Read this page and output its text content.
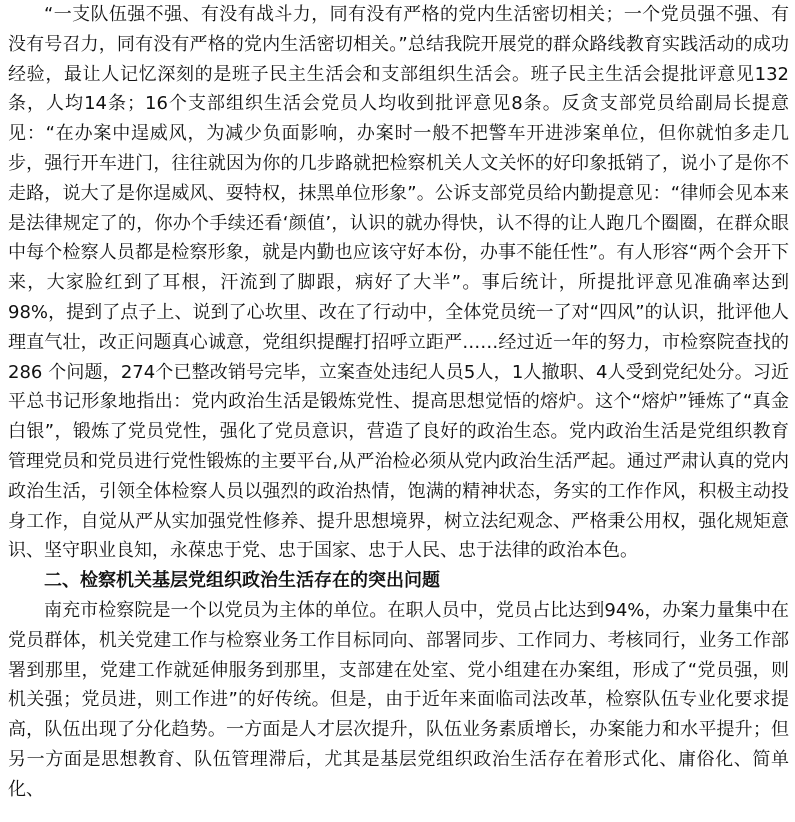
“一支队伍强不强、有没有战斗力，同有没有严格的党内生活密切相关；一个党员强不强、有没有号召力，同有没有严格的党内生活密切相关。”总结我院开展党的群众路线教育实践活动的成功经验，最让人记忆深刻的是班子民主生活会和支部组织生活会。班子民主生活会提批评意见132条，人均14条；16个支部组织生活会党员人均收到批评意见8条。反贪支部党员给副局长提意见：“在办案中逞威风，为减少负面影响，办案时一般不把警车开进涉案单位，但你就怕多走几步，强行开车进门，往往就因为你的几步路就把检察机关人文关怀的好印象抵销了，说小了是你不走路，说大了是你逞威风、耍特权，抹黑单位形象”。公诉支部党员给内勤提意见：“律师会见本来是法律规定了的，你办个手续还看‘颜值’，认识的就办得快，认不得的让人跑几个圈圈，在群众眼中每个检察人员都是检察形象，就是内勤也应该守好本份，办事不能任性”。有人形容“两个会开下来，大家脸红到了耳根，汗流到了脚跟，病好了大半”。事后统计，所提批评意见准确率达到98%，提到了点子上、说到了心坎里、改在了行动中，全体党员统一了对“四风”的认识，批评他人理直气壮，改正问题真心诚意，党组织提醒打招呼立距严……经过近一年的努力，市检察院查找的 286 个问题，274个已整改销号完毕，立案查处违纪人员5人，1人撤职、4人受到党纪处分。习近平总书记形象地指出：党内政治生活是锻炼党性、提高思想觉悟的熔炉。这个“熔炉”锤炼了“真金白银”，锻炼了党员党性，强化了党员意识，营造了良好的政治生态。党内政治生活是党组织教育管理党员和党员进行党性锻炼的主要平台,从严治检必须从党内政治生活严起。通过严肃认真的党内政治生活，引领全体检察人员以强烈的政治热情，饱满的精神状态，务实的工作作风，积极主动投身工作，自觉从严从实加强党性修养、提升思想境界，树立法纪观念、严格秉公用权，强化规矩意识、坚守职业良知，永葆忠于党、忠于国家、忠于人民、忠于法律的政治本色。

二、检察机关基层党组织政治生活存在的突出问题

南充市检察院是一个以党员为主体的单位。在职人员中，党员占比达到94%，办案力量集中在党员群体，机关党建工作与检察业务工作目标同向、部署同步、工作同力、考核同行，业务工作部署到那里，党建工作就延伸服务到那里，支部建在处室、党小组建在办案组，形成了“党员强，则机关强；党员进，则工作进”的好传统。但是，由于近年来面临司法改革，检察队伍专业化要求提高，队伍出现了分化趋势。一方面是人才层次提升，队伍业务素质增长，办案能力和水平提升；但另一方面是思想教育、队伍管理滞后，尤其是基层党组织政治生活存在着形式化、庸俗化、简单化、
